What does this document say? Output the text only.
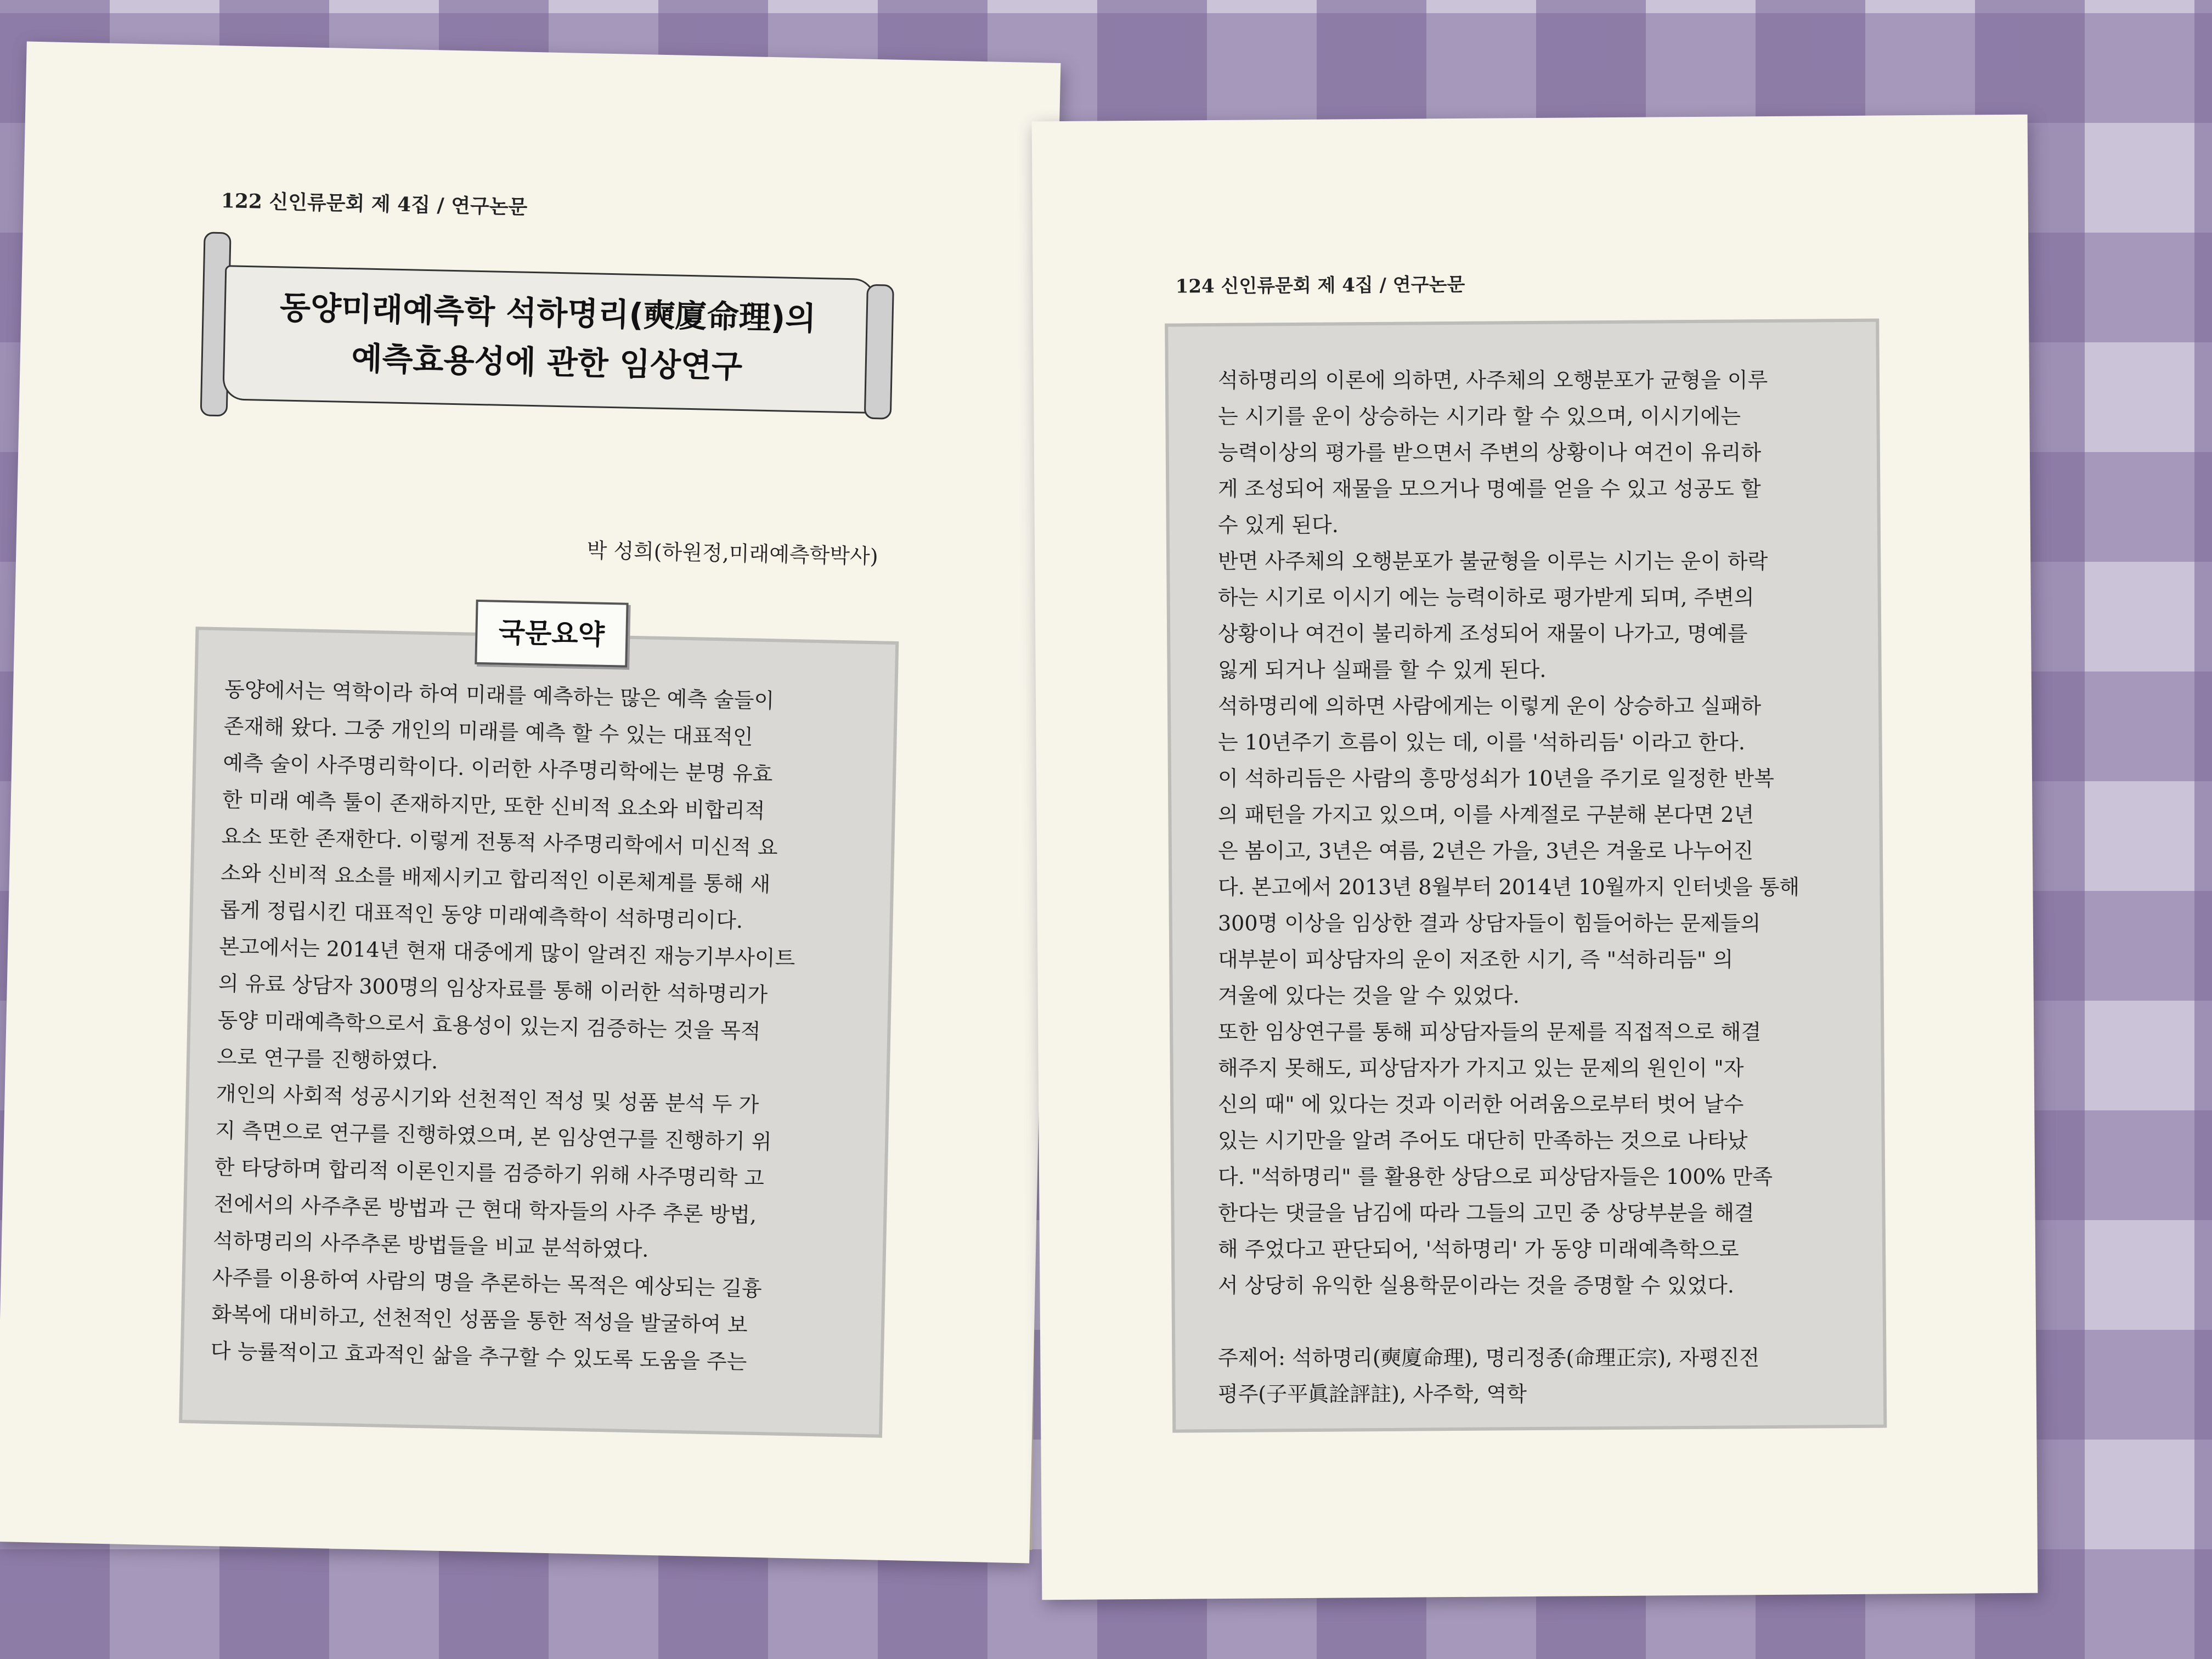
122 신인류문회 제 4집 / 연구논문
동양미래예측학 석하명리(奭廈命理)의
예측효용성에 관한 임상연구
박 성희(하원정,미래예측학박사)
국문요약
동양에서는 역학이라 하여 미래를 예측하는 많은 예측 술들이
존재해 왔다. 그중 개인의 미래를 예측 할 수 있는 대표적인
예측 술이 사주명리학이다. 이러한 사주명리학에는 분명 유효
한 미래 예측 툴이 존재하지만, 또한 신비적 요소와 비합리적
요소 또한 존재한다. 이렇게 전통적 사주명리학에서 미신적 요
소와 신비적 요소를 배제시키고 합리적인 이론체계를 통해 새
롭게 정립시킨 대표적인 동양 미래예측학이 석하명리이다.
본고에서는 2014년 현재 대중에게 많이 알려진 재능기부사이트
의 유료 상담자 300명의 임상자료를 통해 이러한 석하명리가
동양 미래예측학으로서 효용성이 있는지 검증하는 것을 목적
으로 연구를 진행하였다.
개인의 사회적 성공시기와 선천적인 적성 및 성품 분석 두 가
지 측면으로 연구를 진행하였으며, 본 임상연구를 진행하기 위
한 타당하며 합리적 이론인지를 검증하기 위해 사주명리학 고
전에서의 사주추론 방법과 근 현대 학자들의 사주 추론 방법,
석하명리의 사주추론 방법들을 비교 분석하였다.
사주를 이용하여 사람의 명을 추론하는 목적은 예상되는 길흉
화복에 대비하고, 선천적인 성품을 통한 적성을 발굴하여 보
다 능률적이고 효과적인 삶을 추구할 수 있도록 도움을 주는
124 신인류문회 제 4집 / 연구논문
석하명리의 이론에 의하면, 사주체의 오행분포가 균형을 이루
는 시기를 운이 상승하는 시기라 할 수 있으며, 이시기에는
능력이상의 평가를 받으면서 주변의 상황이나 여건이 유리하
게 조성되어 재물을 모으거나 명예를 얻을 수 있고 성공도 할
수 있게 된다.
반면 사주체의 오행분포가 불균형을 이루는 시기는 운이 하락
하는 시기로 이시기 에는 능력이하로 평가받게 되며, 주변의
상황이나 여건이 불리하게 조성되어 재물이 나가고, 명예를
잃게 되거나 실패를 할 수 있게 된다.
석하명리에 의하면 사람에게는 이렇게 운이 상승하고 실패하
는 10년주기 흐름이 있는 데, 이를 '석하리듬' 이라고 한다.
이 석하리듬은 사람의 흥망성쇠가 10년을 주기로 일정한 반복
의 패턴을 가지고 있으며, 이를 사계절로 구분해 본다면 2년
은 봄이고, 3년은 여름, 2년은 가을, 3년은 겨울로 나누어진
다. 본고에서 2013년 8월부터 2014년 10월까지 인터넷을 통해
300명 이상을 임상한 결과 상담자들이 힘들어하는 문제들의
대부분이 피상담자의 운이 저조한 시기, 즉 "석하리듬" 의
겨울에 있다는 것을 알 수 있었다.
또한 임상연구를 통해 피상담자들의 문제를 직접적으로 해결
해주지 못해도, 피상담자가 가지고 있는 문제의 원인이 "자
신의 때" 에 있다는 것과 이러한 어려움으로부터 벗어 날수
있는 시기만을 알려 주어도 대단히 만족하는 것으로 나타났
다. "석하명리" 를 활용한 상담으로 피상담자들은 100% 만족
한다는 댓글을 남김에 따라 그들의 고민 중 상당부분을 해결
해 주었다고 판단되어, '석하명리' 가 동양 미래예측학으로
서 상당히 유익한 실용학문이라는 것을 증명할 수 있었다.
주제어: 석하명리(奭廈命理), 명리정종(命理正宗), 자평진전
평주(子平眞詮評註), 사주학, 역학
